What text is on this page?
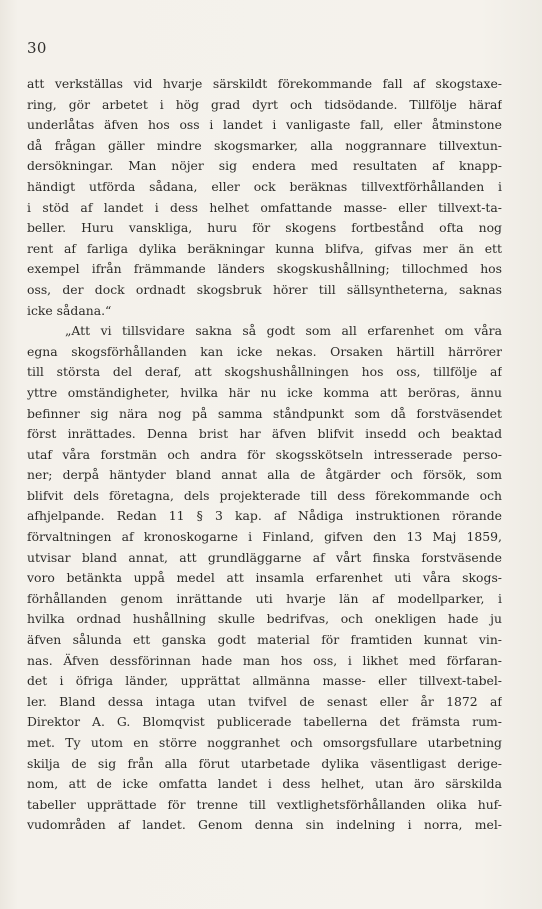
30
att verkställas vid hvarje särskildt förekommande fall af skogstaxe-
ring, gör arbetet i hög grad dyrt och tidsödande. Tillfölje häraf
underlåtas äfven hos oss i landet i vanligaste fall, eller åtminstone
då frågan gäller mindre skogsmarker, alla noggrannare tillvextun-
dersökningar. Man nöjer sig endera med resultaten af knapp-
händigt utförda sådana, eller ock beräknas tillvextförhållanden i
i stöd af landet i dess helhet omfattande masse- eller tillvext-ta-
beller. Huru vanskliga, huru för skogens fortbestånd ofta nog
rent af farliga dylika beräkningar kunna blifva, gifvas mer än ett
exempel ifrån främmande länders skogskushållning; tillochmed hos
oss, der dock ordnadt skogsbruk hörer till sällsyntheterna, saknas
icke sådana.“
„Att vi tillsvidare sakna så godt som all erfarenhet om våra
egna skogsförhållanden kan icke nekas. Orsaken härtill härrörer
till största del deraf, att skogshushållningen hos oss, tillfölje af
yttre omständigheter, hvilka här nu icke komma att beröras, ännu
befinner sig nära nog på samma ståndpunkt som då forstväsendet
först inrättades. Denna brist har äfven blifvit insedd och beaktad
utaf våra forstmän och andra för skogsskötseln intresserade perso-
ner; derpå häntyder bland annat alla de åtgärder och försök, som
blifvit dels företagna, dels projekterade till dess förekommande och
afhjelpande. Redan 11 § 3 kap. af Nådiga instruktionen rörande
förvaltningen af kronoskogarne i Finland, gifven den 13 Maj 1859,
utvisar bland annat, att grundläggarne af vårt finska forstväsende
voro betänkta uppå medel att insamla erfarenhet uti våra skogs-
förhållanden genom inrättande uti hvarje län af modellparker, i
hvilka ordnad hushållning skulle bedrifvas, och onekligen hade ju
äfven sålunda ett ganska godt material för framtiden kunnat vin-
nas. Äfven dessförinnan hade man hos oss, i likhet med förfaran-
det i öfriga länder, upprättat allmänna masse- eller tillvext-tabel-
ler. Bland dessa intaga utan tvifvel de senast eller år 1872 af
Direktor A. G. Blomqvist publicerade tabellerna det främsta rum-
met. Ty utom en större noggranhet och omsorgsfullare utarbetning
skilja de sig från alla förut utarbetade dylika väsentligast derige-
nom, att de icke omfatta landet i dess helhet, utan äro särskilda
tabeller upprättade för trenne till vextlighetsförhållanden olika huf-
vudområden af landet. Genom denna sin indelning i norra, mel-
